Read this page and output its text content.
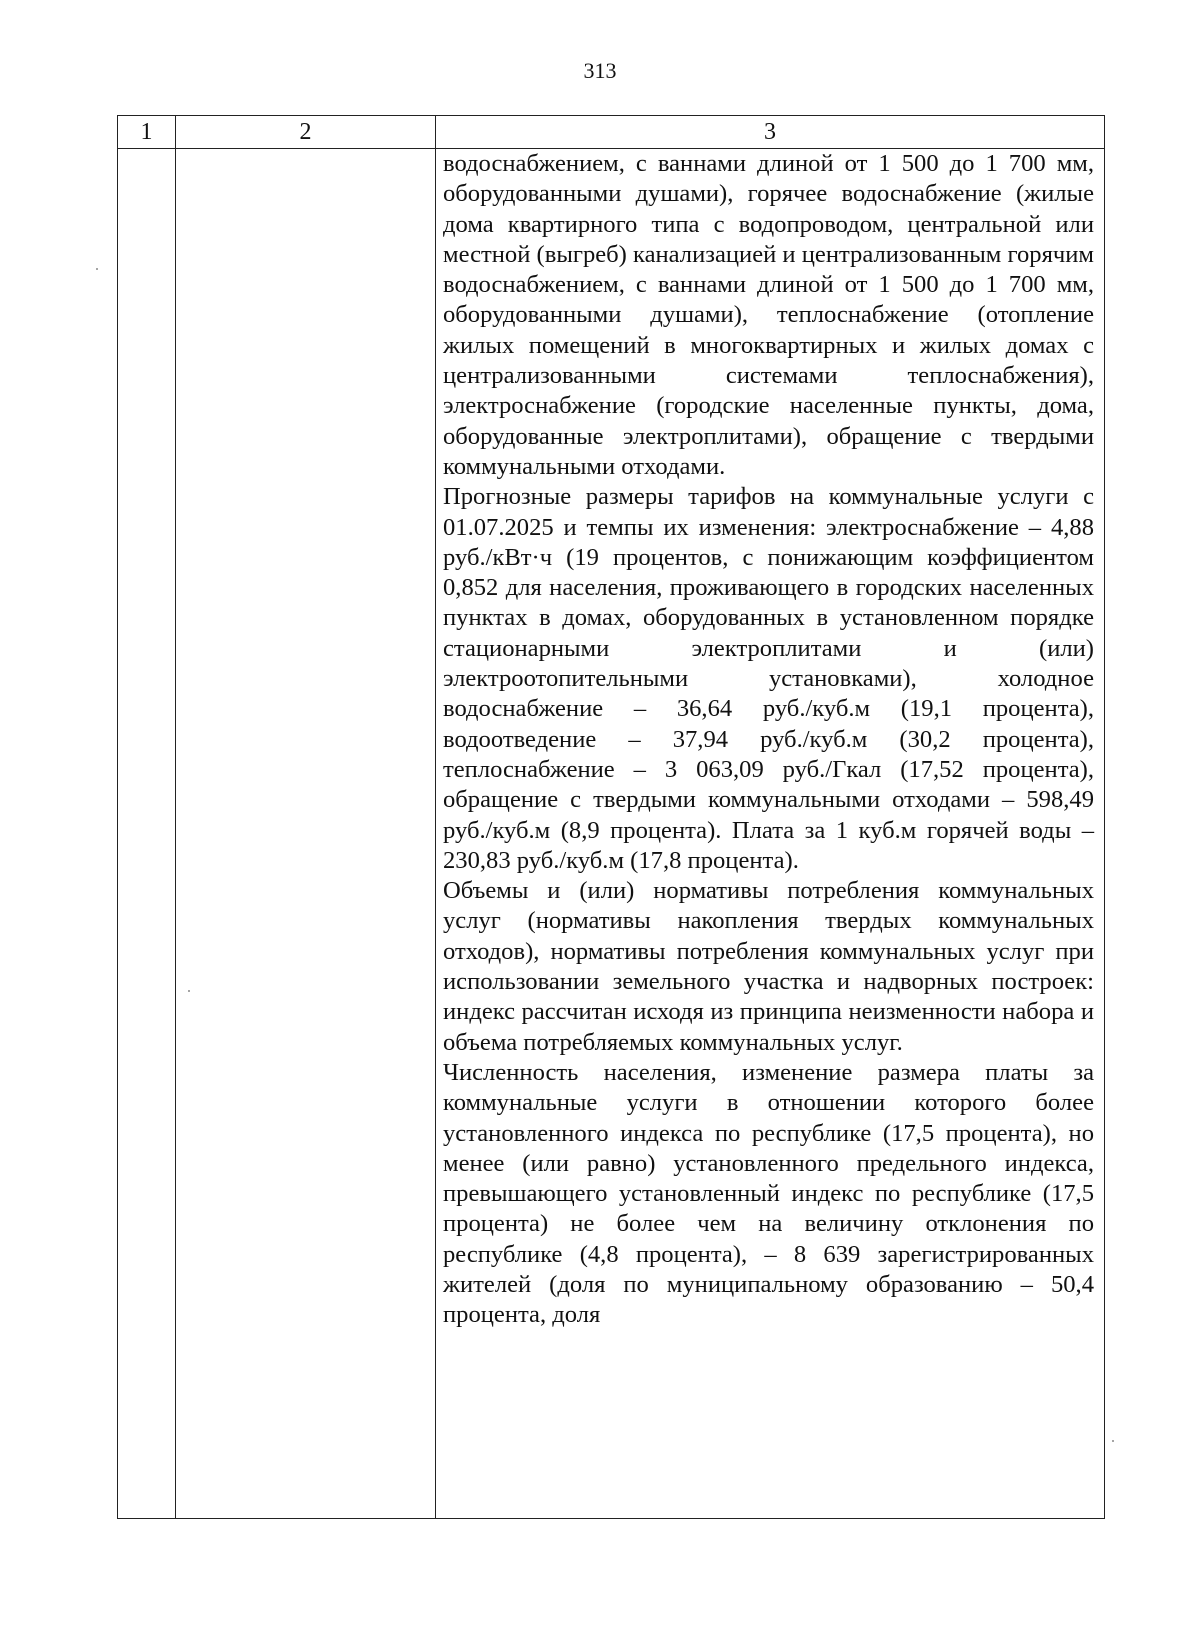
313
1	2	3

		водоснабжением, с ваннами длиной от 1 500 до 1 700 мм, оборудованными душами), горячее водоснабжение (жилые дома квартирного типа с водопроводом, центральной или местной (выгреб) канализацией и централизованным горячим водоснабжением, с ваннами длиной от 1 500 до 1 700 мм, оборудованными душами), теплоснабжение (отопление жилых помещений в многоквартирных и жилых домах с централизованными системами теплоснабжения), электроснабжение (городские населенные пункты, дома, оборудованные электроплитами), обращение с твердыми коммунальными отходами.

Прогнозные размеры тарифов на коммунальные услуги с 01.07.2025 и темпы их изменения: электроснабжение – 4,88 руб./кВт·ч (19 процентов, с понижающим коэффициентом 0,852 для населения, проживающего в городских населенных пунктах в домах, оборудованных в установленном порядке стационарными электроплитами и (или) электроотопительными установками), холодное водоснабжение – 36,64 руб./куб.м (19,1 процента), водоотведение – 37,94 руб./куб.м (30,2 процента), теплоснабжение – 3 063,09 руб./Гкал (17,52 процента), обращение с твердыми коммунальными отходами – 598,49 руб./куб.м (8,9 процента). Плата за 1 куб.м горячей воды – 230,83 руб./куб.м (17,8 процента).

Объемы и (или) нормативы потребления коммунальных услуг (нормативы накопления твердых коммунальных отходов), нормативы потребления коммунальных услуг при использовании земельного участка и надворных построек: индекс рассчитан исходя из принципа неизменности набора и объема потребляемых коммунальных услуг.

Численность населения, изменение размера платы за коммунальные услуги в отношении которого более установленного индекса по республике (17,5 процента), но менее (или равно) установленного предельного индекса, превышающего установленный индекс по республике (17,5 процента) не более чем на величину отклонения по республике (4,8 процента), – 8 639 зарегистрированных жителей (доля по муниципальному образованию – 50,4 процента, доля
